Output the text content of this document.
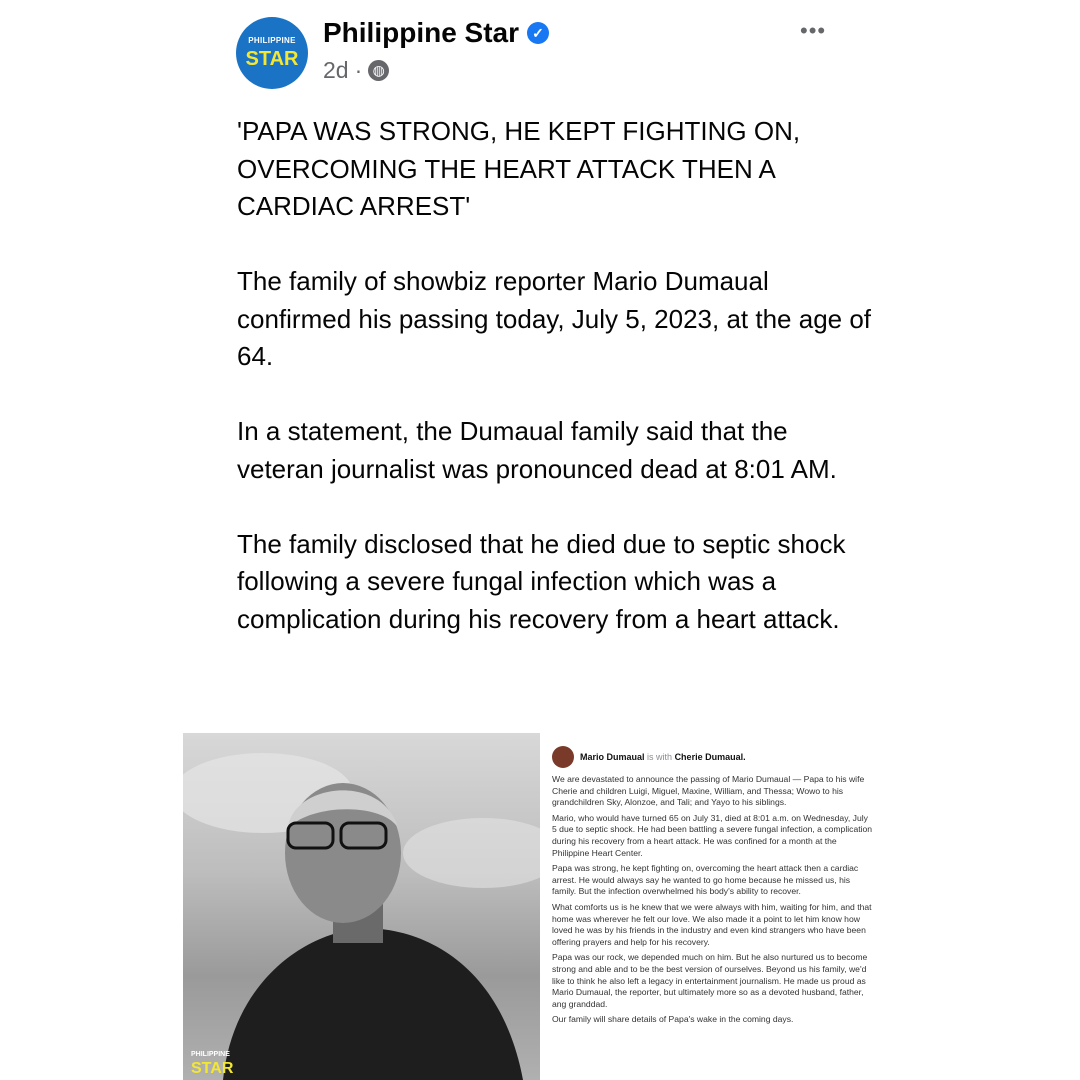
PHILIPPINE
STAR
Philippine Star ✓
2d · ◍
•••

'PAPA WAS STRONG, HE KEPT FIGHTING ON, OVERCOMING THE HEART ATTACK THEN A CARDIAC ARREST'

The family of showbiz reporter Mario Dumaual confirmed his passing today, July 5, 2023, at the age of 64.

In a statement, the Dumaual family said that the veteran journalist was pronounced dead at 8:01 AM.

The family disclosed that he died due to septic shock following a severe fungal infection which was a complication during his recovery from a heart attack.

PHILIPPINE
STAR
Mario Dumaual is with Cherie Dumaual.

We are devastated to announce the passing of Mario Dumaual — Papa to his wife Cherie and children Luigi, Miguel, Maxine, William, and Thessa; Wowo to his grandchildren Sky, Alonzoe, and Tali; and Yayo to his siblings.

Mario, who would have turned 65 on July 31, died at 8:01 a.m. on Wednesday, July 5 due to septic shock. He had been battling a severe fungal infection, a complication during his recovery from a heart attack. He was confined for a month at the Philippine Heart Center.

Papa was strong, he kept fighting on, overcoming the heart attack then a cardiac arrest. He would always say he wanted to go home because he missed us, his family. But the infection overwhelmed his body's ability to recover.

What comforts us is he knew that we were always with him, waiting for him, and that home was wherever he felt our love. We also made it a point to let him know how loved he was by his friends in the industry and even kind strangers who have been offering prayers and help for his recovery.

Papa was our rock, we depended much on him. But he also nurtured us to become strong and able and to be the best version of ourselves. Beyond us his family, we'd like to think he also left a legacy in entertainment journalism. He made us proud as Mario Dumaual, the reporter, but ultimately more so as a devoted husband, father, ang granddad.

Our family will share details of Papa's wake in the coming days.
